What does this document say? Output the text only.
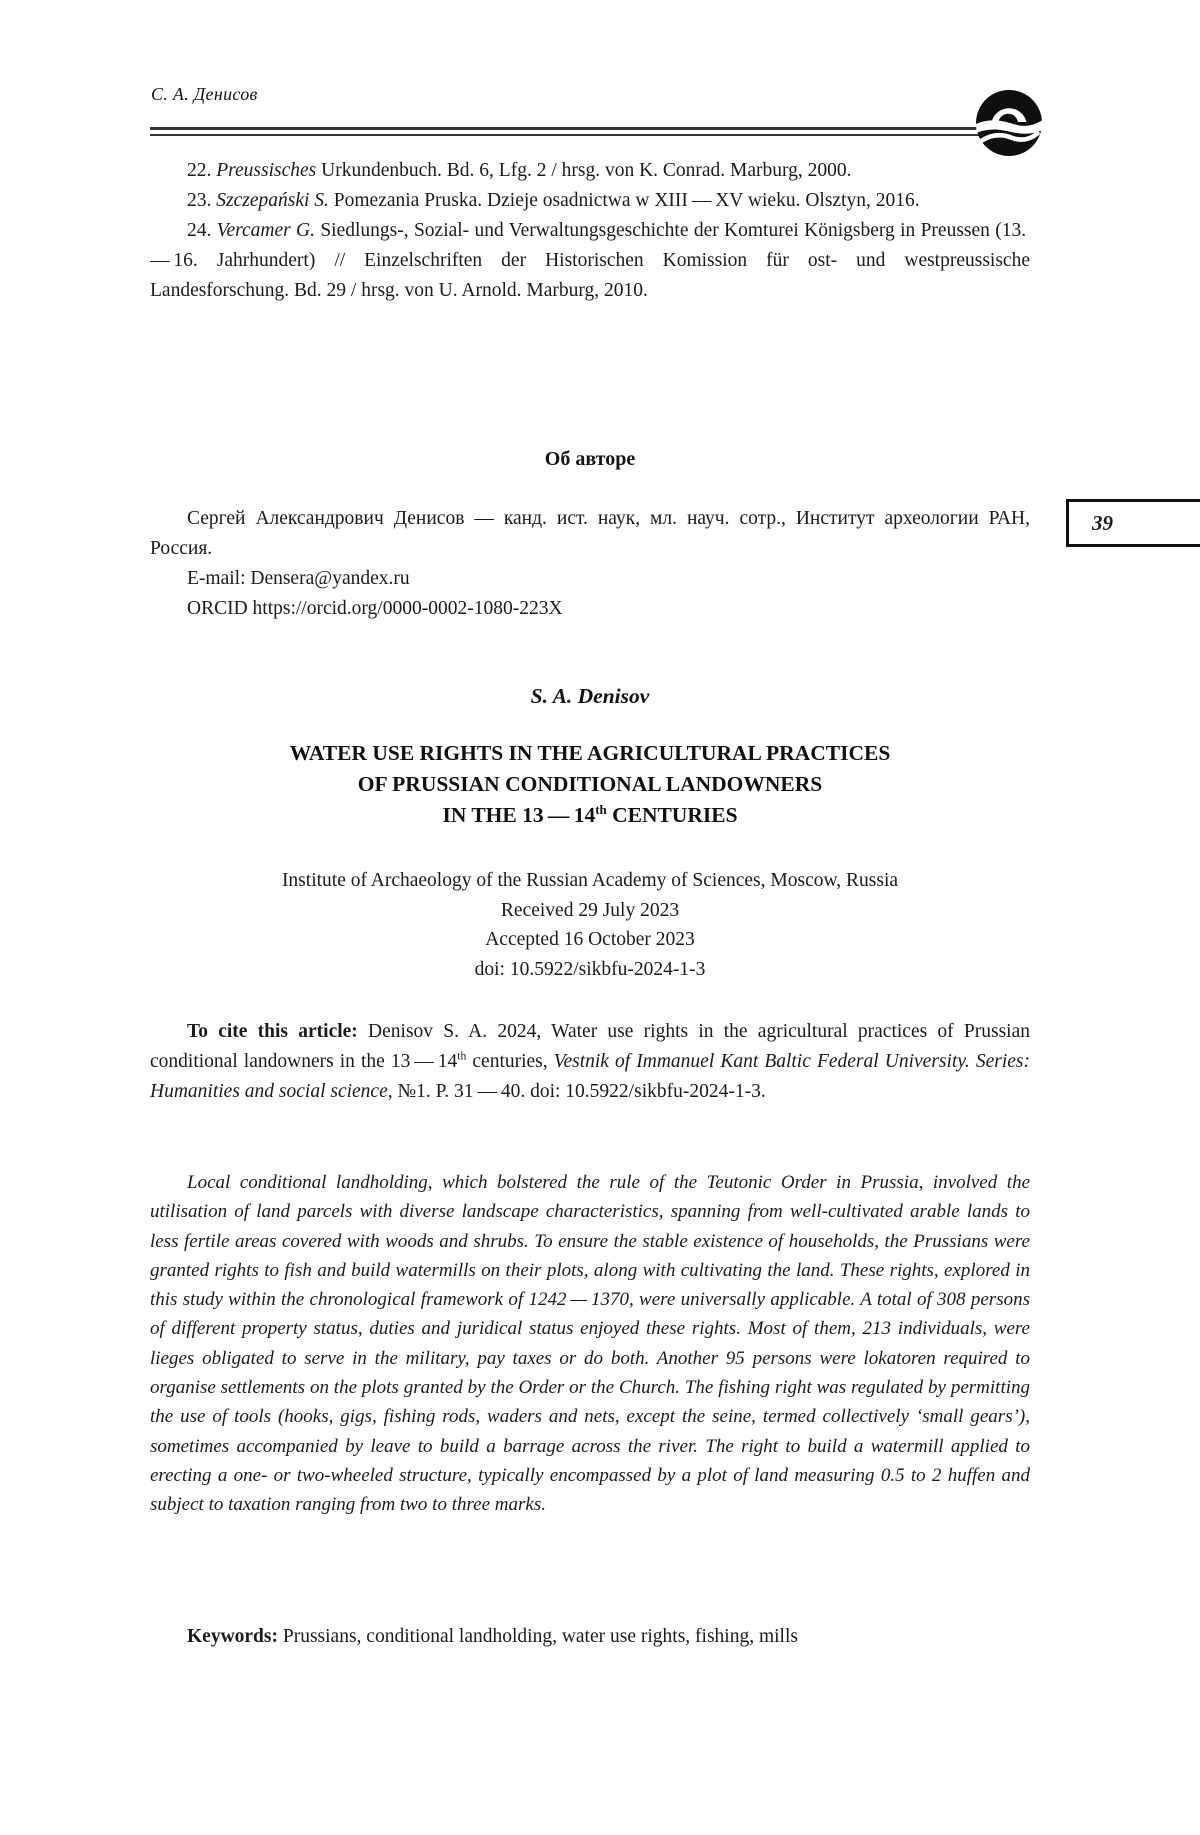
С. А. Денисов

22. Preussisches Urkundenbuch. Bd. 6, Lfg. 2 / hrsg. von K. Conrad. Marburg, 2000.

23. Szczepański S. Pomezania Pruska. Dzieje osadnictwa w XIII — XV wieku. Olsztyn, 2016.

24. Vercamer G. Siedlungs-, Sozial- und Verwaltungsgeschichte der Komturei Königsberg in Preussen (13. — 16. Jahrhundert) // Einzelschriften der Historischen Komission für ost- und westpreussische Landesforschung. Bd. 29 / hrsg. von U. Arnold. Marburg, 2010.

Об авторе

Сергей Александрович Денисов — канд. ист. наук, мл. науч. сотр., Институт археологии РАН, Россия.

E-mail: Densera@yandex.ru

ORCID https://orcid.org/0000-0002-1080-223X

39
S. A. Denisov
WATER USE RIGHTS IN THE AGRICULTURAL PRACTICES
OF PRUSSIAN CONDITIONAL LANDOWNERS
IN THE 13 — 14th CENTURIES
Institute of Archaeology of the Russian Academy of Sciences, Moscow, Russia
Received 29 July 2023
Accepted 16 October 2023
doi: 10.5922/sikbfu-2024-1-3

To cite this article: Denisov S. A. 2024, Water use rights in the agricultural practices of Prussian conditional landowners in the 13 — 14th centuries, Vestnik of Immanuel Kant Baltic Federal University. Series: Humanities and social science, №1. P. 31 — 40. doi: 10.5922/sikbfu-2024-1-3.

Local conditional landholding, which bolstered the rule of the Teutonic Order in Prussia, involved the utilisation of land parcels with diverse landscape characteristics, spanning from well-cultivated arable lands to less fertile areas covered with woods and shrubs. To ensure the stable existence of households, the Prussians were granted rights to fish and build watermills on their plots, along with cultivating the land. These rights, explored in this study within the chronological framework of 1242 — 1370, were universally applicable. A total of 308 persons of different property status, duties and juridical status enjoyed these rights. Most of them, 213 individuals, were lieges obligated to serve in the military, pay taxes or do both. Another 95 persons were lokatoren required to organise settlements on the plots granted by the Order or the Church. The fishing right was regulated by permitting the use of tools (hooks, gigs, fishing rods, waders and nets, except the seine, termed collectively ‘small gears’), sometimes accompanied by leave to build a barrage across the river. The right to build a watermill applied to erecting a one- or two-wheeled structure, typically encompassed by a plot of land measuring 0.5 to 2 huffen and subject to taxation ranging from two to three marks.

Keywords: Prussians, conditional landholding, water use rights, fishing, mills
